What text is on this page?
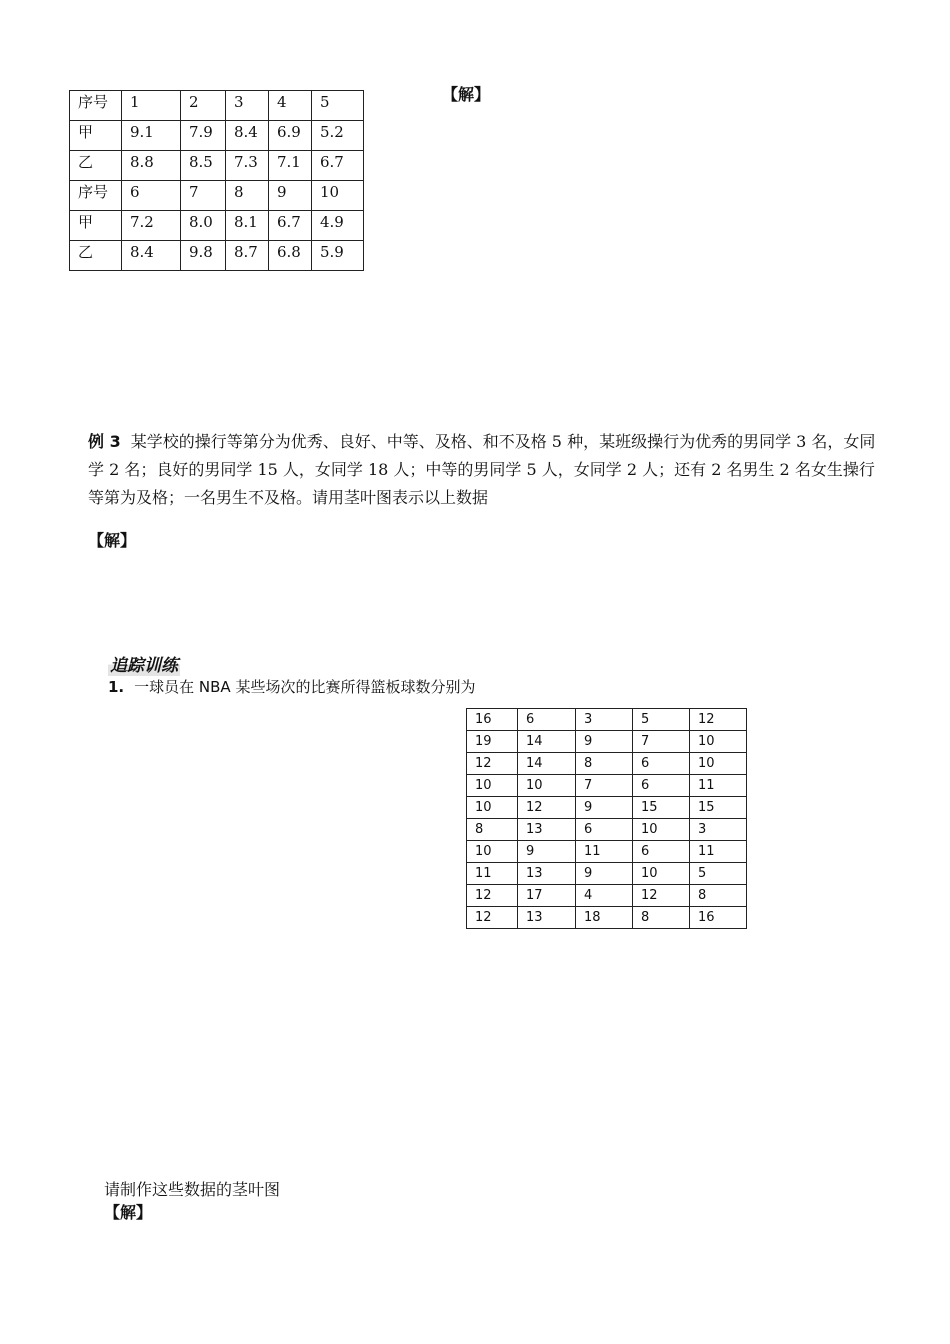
序号	1	2	3	4	5
甲	9.1	7.9	8.4	6.9	5.2
乙	8.8	8.5	7.3	7.1	6.7
序号	6	7	8	9	10
甲	7.2	8.0	8.1	6.7	4.9
乙	8.4	9.8	8.7	6.8	5.9
【解】
例 3 某学校的操行等第分为优秀、良好、中等、及格、和不及格 5 种，某班级操行为优秀的男同学 3 名，女同学 2 名；良好的男同学 15 人，女同学 18 人；中等的男同学 5 人，女同学 2 人；还有 2 名男生 2 名女生操行等第为及格；一名男生不及格。请用茎叶图表示以上数据
【解】
追踪训练
1. 一球员在 NBA 某些场次的比赛所得篮板球数分别为
16	6	3	5	12
19	14	9	7	10
12	14	8	6	10
10	10	7	6	11
10	12	9	15	15
8	13	6	10	3
10	9	11	6	11
11	13	9	10	5
12	17	4	12	8
12	13	18	8	16
请制作这些数据的茎叶图
【解】
